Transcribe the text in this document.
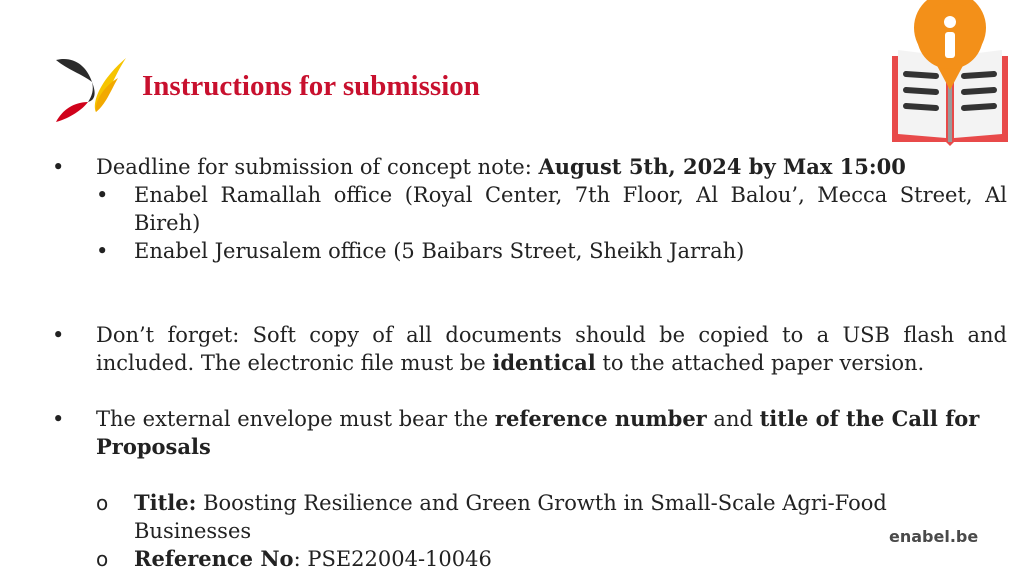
Instructions for submission
•	Deadline for submission of concept note: August 5th, 2024 by Max 15:00
•	Enabel Ramallah office (Royal Center, 7th Floor, Al Balou’, Mecca Street, Al Bireh)
•	Enabel Jerusalem office (5 Baibars Street, Sheikh Jarrah)
•	Don’t forget: Soft copy of all documents should be copied to a USB flash and included. The electronic file must be identical to the attached paper version.
•	The external envelope must bear the reference number and title of the Call for Proposals
o	Title: Boosting Resilience and Green Growth in Small-Scale Agri-Food Businesses
o	Reference No: PSE22004-10046
enabel.be
